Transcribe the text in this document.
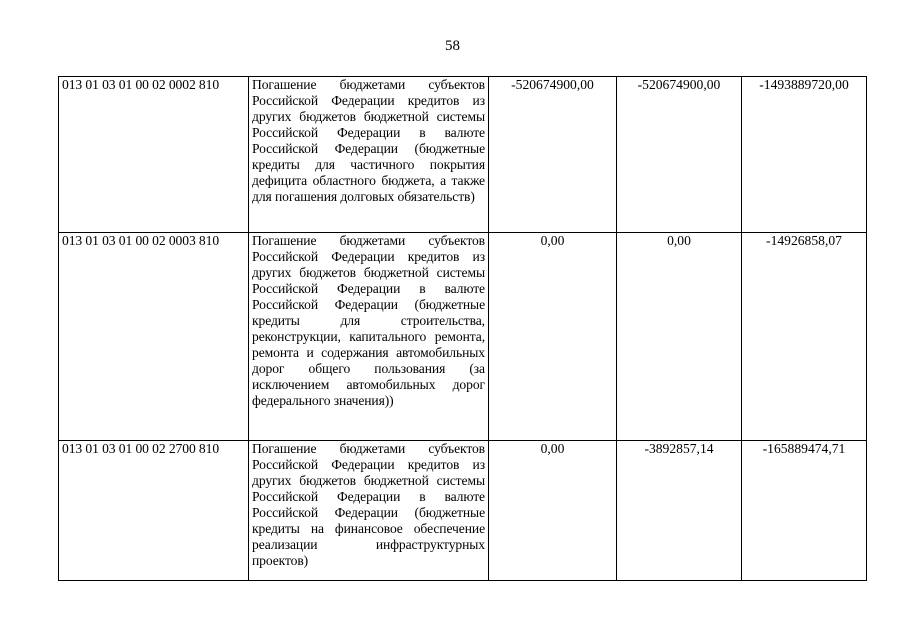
58
013 01 03 01 00 02 0002 810	Погашение бюджетами субъектов Российской Федерации кредитов из других бюджетов бюджетной системы Российской Федерации в валюте Российской Федерации (бюджетные кредиты для частичного покрытия дефицита областного бюджета, а также для погашения долговых обязательств)	-520674900,00	-520674900,00	-1493889720,00
013 01 03 01 00 02 0003 810	Погашение бюджетами субъектов Российской Федерации кредитов из других бюджетов бюджетной системы Российской Федерации в валюте Российской Федерации (бюджетные кредиты для строительства, реконструкции, капитального ремонта, ремонта и содержания автомобильных дорог общего пользования (за исключением автомобильных дорог федерального значения))	0,00	0,00	-14926858,07
013 01 03 01 00 02 2700 810	Погашение бюджетами субъектов Российской Федерации кредитов из других бюджетов бюджетной системы Российской Федерации в валюте Российской Федерации (бюджетные кредиты на финансовое обеспечение реализации инфраструктурных проектов)	0,00	-3892857,14	-165889474,71
